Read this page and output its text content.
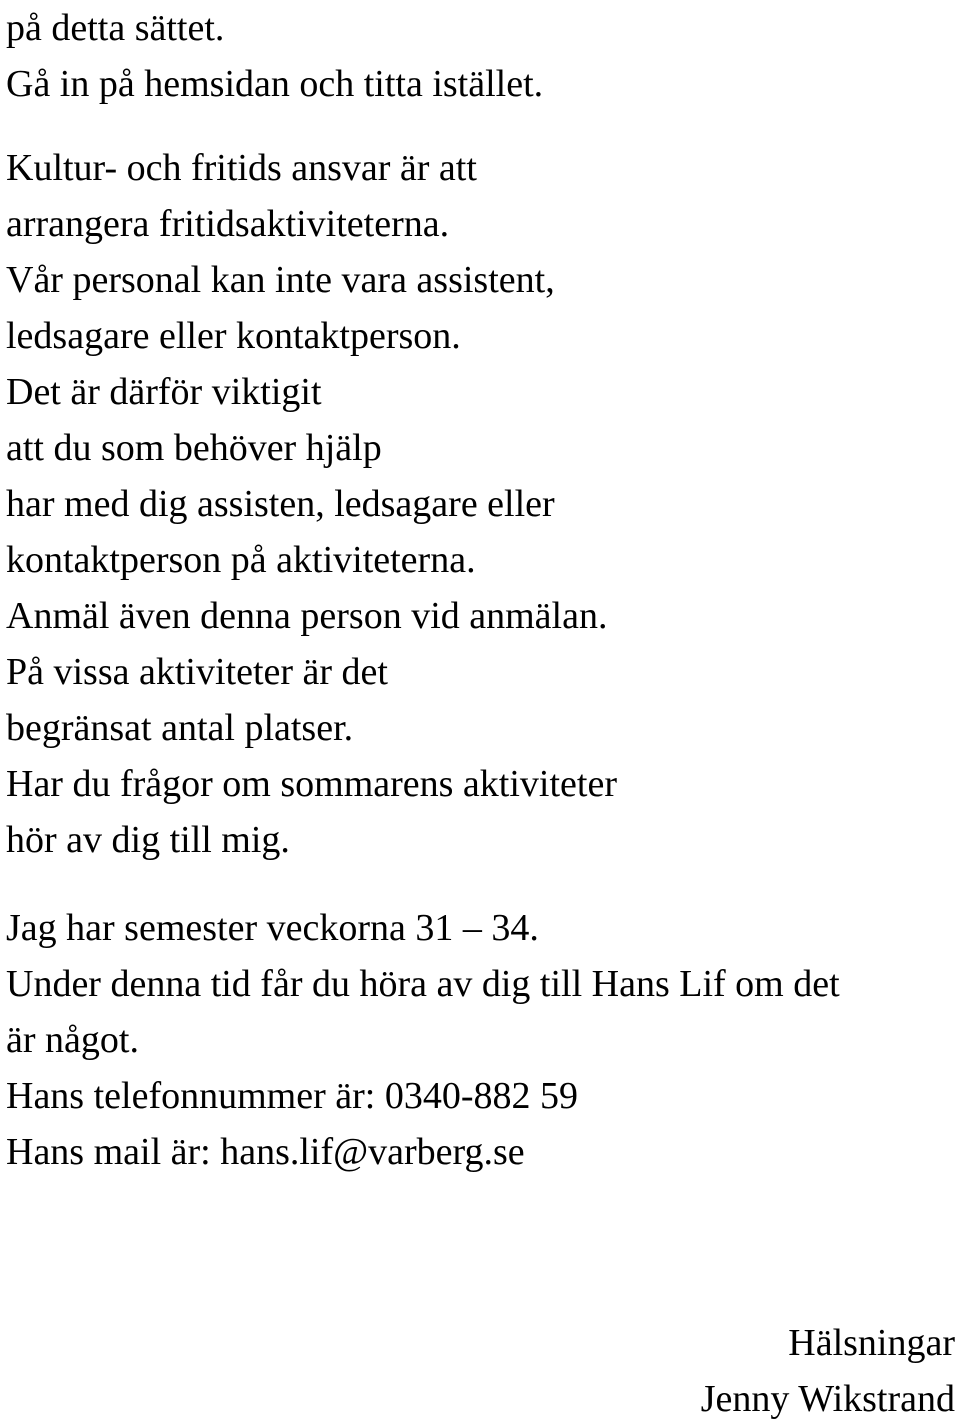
på detta sättet.
Gå in på hemsidan och titta istället.
Kultur- och fritids ansvar är att
arrangera fritidsaktiviteterna.
Vår personal kan inte vara assistent,
ledsagare eller kontaktperson.
Det är därför viktigit
att du som behöver hjälp
har med dig assisten, ledsagare eller
kontaktperson på aktiviteterna.
Anmäl även denna person vid anmälan.
På vissa aktiviteter är det
begränsat antal platser.
Har du frågor om sommarens aktiviteter
hör av dig till mig.
Jag har semester veckorna 31 – 34.
Under denna tid får du höra av dig till Hans Lif om det
är något.
Hans telefonnummer är: 0340-882 59
Hans mail är: hans.lif@varberg.se
Hälsningar
Jenny Wikstrand
